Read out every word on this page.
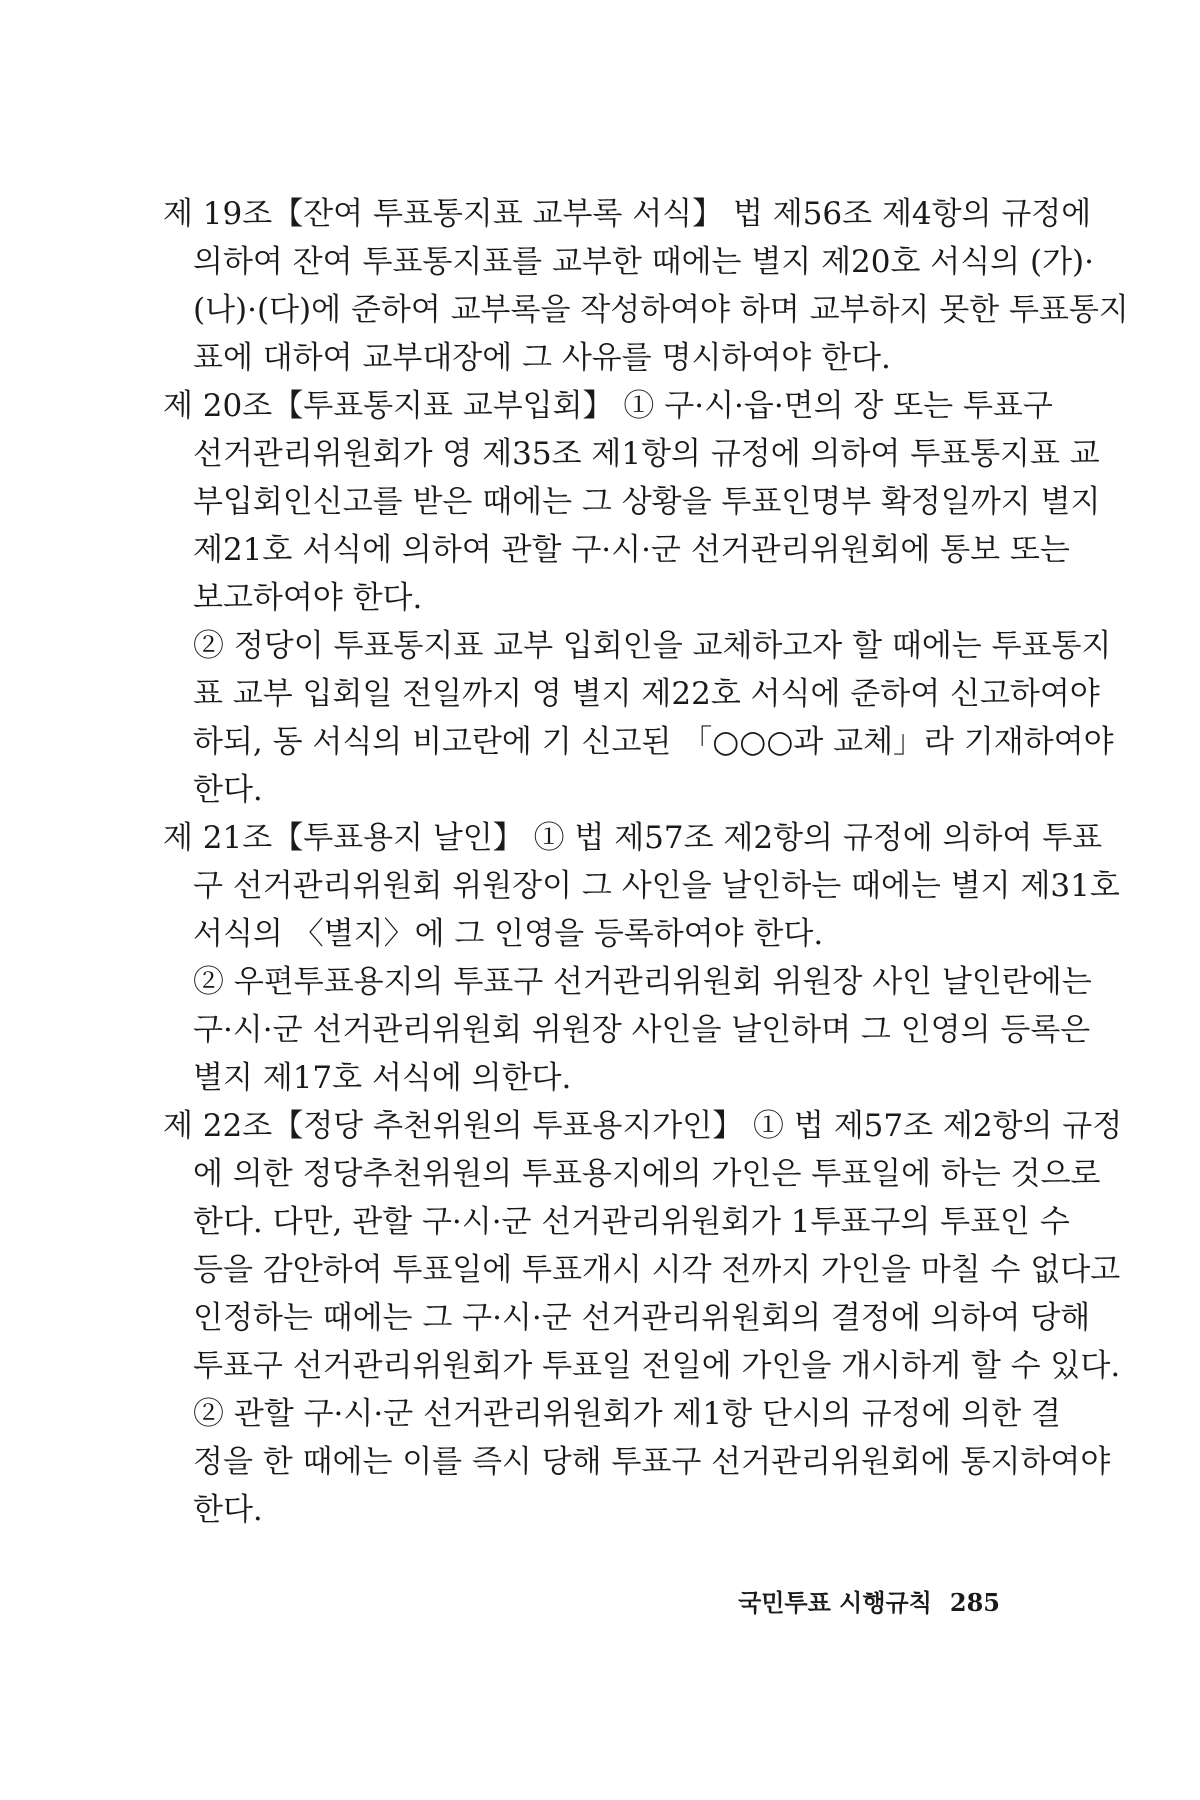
제 19조【잔여 투표통지표 교부록 서식】 법 제56조 제4항의 규정에
의하여 잔여 투표통지표를 교부한 때에는 별지 제20호 서식의 (가)·
(나)·(다)에 준하여 교부록을 작성하여야 하며 교부하지 못한 투표통지
표에 대하여 교부대장에 그 사유를 명시하여야 한다.
제 20조【투표통지표 교부입회】 ① 구·시·읍·면의 장 또는 투표구
선거관리위원회가 영 제35조 제1항의 규정에 의하여 투표통지표 교
부입회인신고를 받은 때에는 그 상황을 투표인명부 확정일까지 별지
제21호 서식에 의하여 관할 구·시·군 선거관리위원회에 통보 또는
보고하여야 한다.
② 정당이 투표통지표 교부 입회인을 교체하고자 할 때에는 투표통지
표 교부 입회일 전일까지 영 별지 제22호 서식에 준하여 신고하여야
하되, 동 서식의 비고란에 기 신고된 「○○○과 교체」라 기재하여야
한다.
제 21조【투표용지 날인】 ① 법 제57조 제2항의 규정에 의하여 투표
구 선거관리위원회 위원장이 그 사인을 날인하는 때에는 별지 제31호
서식의 〈별지〉에 그 인영을 등록하여야 한다.
② 우편투표용지의 투표구 선거관리위원회 위원장 사인 날인란에는
구·시·군 선거관리위원회 위원장 사인을 날인하며 그 인영의 등록은
별지 제17호 서식에 의한다.
제 22조【정당 추천위원의 투표용지가인】 ① 법 제57조 제2항의 규정
에 의한 정당추천위원의 투표용지에의 가인은 투표일에 하는 것으로
한다. 다만, 관할 구·시·군 선거관리위원회가 1투표구의 투표인 수
등을 감안하여 투표일에 투표개시 시각 전까지 가인을 마칠 수 없다고
인정하는 때에는 그 구·시·군 선거관리위원회의 결정에 의하여 당해
투표구 선거관리위원회가 투표일 전일에 가인을 개시하게 할 수 있다.
② 관할 구·시·군 선거관리위원회가 제1항 단시의 규정에 의한 결
정을 한 때에는 이를 즉시 당해 투표구 선거관리위원회에 통지하여야
한다.
국민투표 시행규칙 285
